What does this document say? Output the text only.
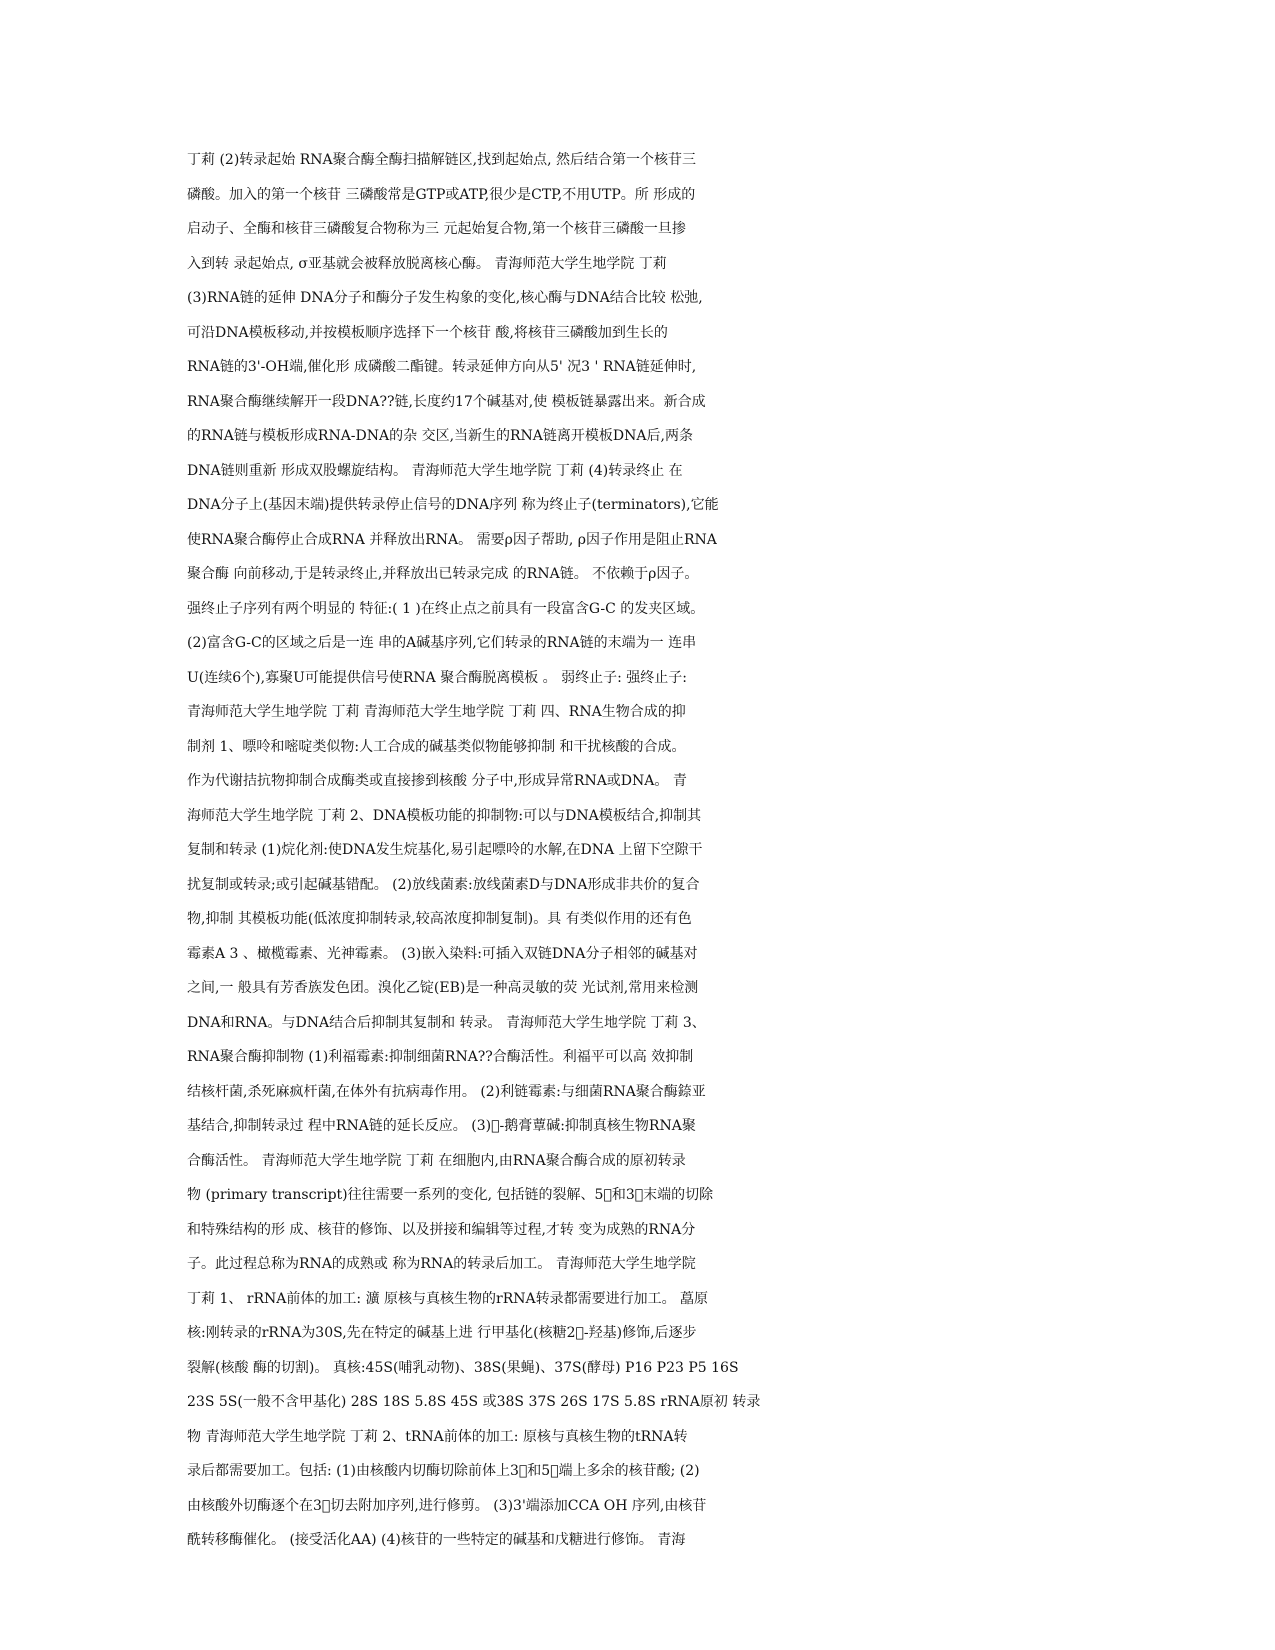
丁莉 (2)转录起始 RNA聚合酶全酶扫描解链区,找到起始点, 然后结合第一个核苷三
磷酸。加入的第一个核苷 三磷酸常是GTP或ATP,很少是CTP,不用UTP。所 形成的
启动子、全酶和核苷三磷酸复合物称为三 元起始复合物,第一个核苷三磷酸一旦掺
入到转 录起始点, σ亚基就会被释放脱离核心酶。 青海师范大学生地学院 丁莉
(3)RNA链的延伸 DNA分子和酶分子发生构象的变化,核心酶与DNA结合比较 松弛,
可沿DNA模板移动,并按模板顺序选择下一个核苷 酸,将核苷三磷酸加到生长的
RNA链的3'-OH端,催化形 成磷酸二酯键。转录延伸方向从5' 况3 ' RNA链延伸时,
RNA聚合酶继续解开一段DNA??链,长度约17个碱基对,使 模板链暴露出来。新合成
的RNA链与模板形成RNA-DNA的杂 交区,当新生的RNA链离开模板DNA后,两条
DNA链则重新 形成双股螺旋结构。 青海师范大学生地学院 丁莉 (4)转录终止 在
DNA分子上(基因末端)提供转录停止信号的DNA序列 称为终止子(terminators),它能
使RNA聚合酶停止合成RNA 并释放出RNA。 需要ρ因子帮助, ρ因子作用是阻止RNA
聚合酶 向前移动,于是转录终止,并释放出已转录完成 的RNA链。 不依赖于ρ因子。
强终止子序列有两个明显的 特征:( 1 )在终止点之前具有一段富含G-C 的发夹区域。
(2)富含G-C的区域之后是一连 串的A碱基序列,它们转录的RNA链的末端为一 连串
U(连续6个),寡聚U可能提供信号使RNA 聚合酶脱离模板 。 弱终止子: 强终止子:
青海师范大学生地学院 丁莉 青海师范大学生地学院 丁莉 四、RNA生物合成的抑
制剂 1、嘌呤和嘧啶类似物:人工合成的碱基类似物能够抑制 和干扰核酸的合成。
作为代谢拮抗物抑制合成酶类或直接掺到核酸 分子中,形成异常RNA或DNA。 青
海师范大学生地学院 丁莉 2、DNA模板功能的抑制物:可以与DNA模板结合,抑制其
复制和转录 (1)烷化剂:使DNA发生烷基化,易引起嘌呤的水解,在DNA 上留下空隙干
扰复制或转录;或引起碱基错配。 (2)放线菌素:放线菌素D与DNA形成非共价的复合
物,抑制 其模板功能(低浓度抑制转录,较高浓度抑制复制)。具 有类似作用的还有色
霉素A 3 、橄榄霉素、光神霉素。 (3)嵌入染料:可插入双链DNA分子相邻的碱基对
之间,一 般具有芳香族发色团。溴化乙锭(EB)是一种高灵敏的荧 光试剂,常用来检测
DNA和RNA。与DNA结合后抑制其复制和 转录。 青海师范大学生地学院 丁莉 3、
RNA聚合酶抑制物 (1)利福霉素:抑制细菌RNA??合酶活性。利福平可以高 效抑制
结核杆菌,杀死麻疯杆菌,在体外有抗病毒作用。 (2)利链霉素:与细菌RNA聚合酶錼亚
基结合,抑制转录过 程中RNA链的延长反应。 (3)􀁄-鹅膏蕈碱:抑制真核生物RNA聚
合酶活性。 青海师范大学生地学院 丁莉 在细胞内,由RNA聚合酶合成的原初转录
物 (primary transcript)往往需要一系列的变化, 包括链的裂解、5􀂶和3􀂶末端的切除
和特殊结构的形 成、核苷的修饰、以及拼接和编辑等过程,才转 变为成熟的RNA分
子。此过程总称为RNA的成熟或 称为RNA的转录后加工。 青海师范大学生地学院
丁莉 1、 rRNA前体的加工: 瀇 原核与真核生物的rRNA转录都需要进行加工。 藠原
核:刚转录的rRNA为30S,先在特定的碱基上进 行甲基化(核糖2􀂶-羟基)修饰,后逐步
裂解(核酸 酶的切割)。 真核:45S(哺乳动物)、38S(果蝇)、37S(酵母) P16 P23 P5 16S
23S 5S(一般不含甲基化) 28S 18S 5.8S 45S 或38S 37S 26S 17S 5.8S rRNA原初 转录
物 青海师范大学生地学院 丁莉 2、tRNA前体的加工: 原核与真核生物的tRNA转
录后都需要加工。包括: (1)由核酸内切酶切除前体上3􀂶和5􀂶端上多余的核苷酸; (2)
由核酸外切酶逐个在3􀂶切去附加序列,进行修剪。 (3)3'端添加CCA OH 序列,由核苷
酰转移酶催化。 (接受活化AA) (4)核苷的一些特定的碱基和戊糖进行修饰。 青海
